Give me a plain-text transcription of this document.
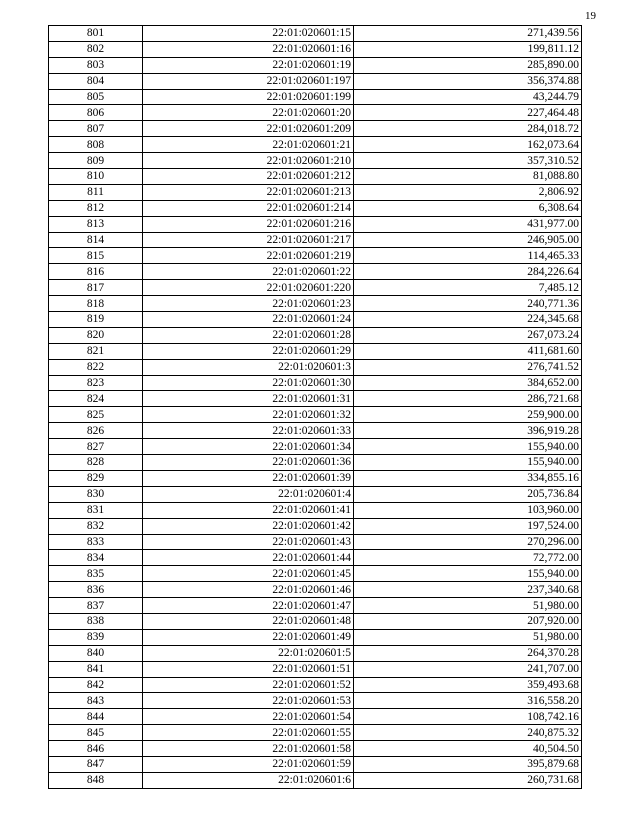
19
801	22:01:020601:15	271,439.56
802	22:01:020601:16	199,811.12
803	22:01:020601:19	285,890.00
804	22:01:020601:197	356,374.88
805	22:01:020601:199	43,244.79
806	22:01:020601:20	227,464.48
807	22:01:020601:209	284,018.72
808	22:01:020601:21	162,073.64
809	22:01:020601:210	357,310.52
810	22:01:020601:212	81,088.80
811	22:01:020601:213	2,806.92
812	22:01:020601:214	6,308.64
813	22:01:020601:216	431,977.00
814	22:01:020601:217	246,905.00
815	22:01:020601:219	114,465.33
816	22:01:020601:22	284,226.64
817	22:01:020601:220	7,485.12
818	22:01:020601:23	240,771.36
819	22:01:020601:24	224,345.68
820	22:01:020601:28	267,073.24
821	22:01:020601:29	411,681.60
822	22:01:020601:3	276,741.52
823	22:01:020601:30	384,652.00
824	22:01:020601:31	286,721.68
825	22:01:020601:32	259,900.00
826	22:01:020601:33	396,919.28
827	22:01:020601:34	155,940.00
828	22:01:020601:36	155,940.00
829	22:01:020601:39	334,855.16
830	22:01:020601:4	205,736.84
831	22:01:020601:41	103,960.00
832	22:01:020601:42	197,524.00
833	22:01:020601:43	270,296.00
834	22:01:020601:44	72,772.00
835	22:01:020601:45	155,940.00
836	22:01:020601:46	237,340.68
837	22:01:020601:47	51,980.00
838	22:01:020601:48	207,920.00
839	22:01:020601:49	51,980.00
840	22:01:020601:5	264,370.28
841	22:01:020601:51	241,707.00
842	22:01:020601:52	359,493.68
843	22:01:020601:53	316,558.20
844	22:01:020601:54	108,742.16
845	22:01:020601:55	240,875.32
846	22:01:020601:58	40,504.50
847	22:01:020601:59	395,879.68
848	22:01:020601:6	260,731.68
